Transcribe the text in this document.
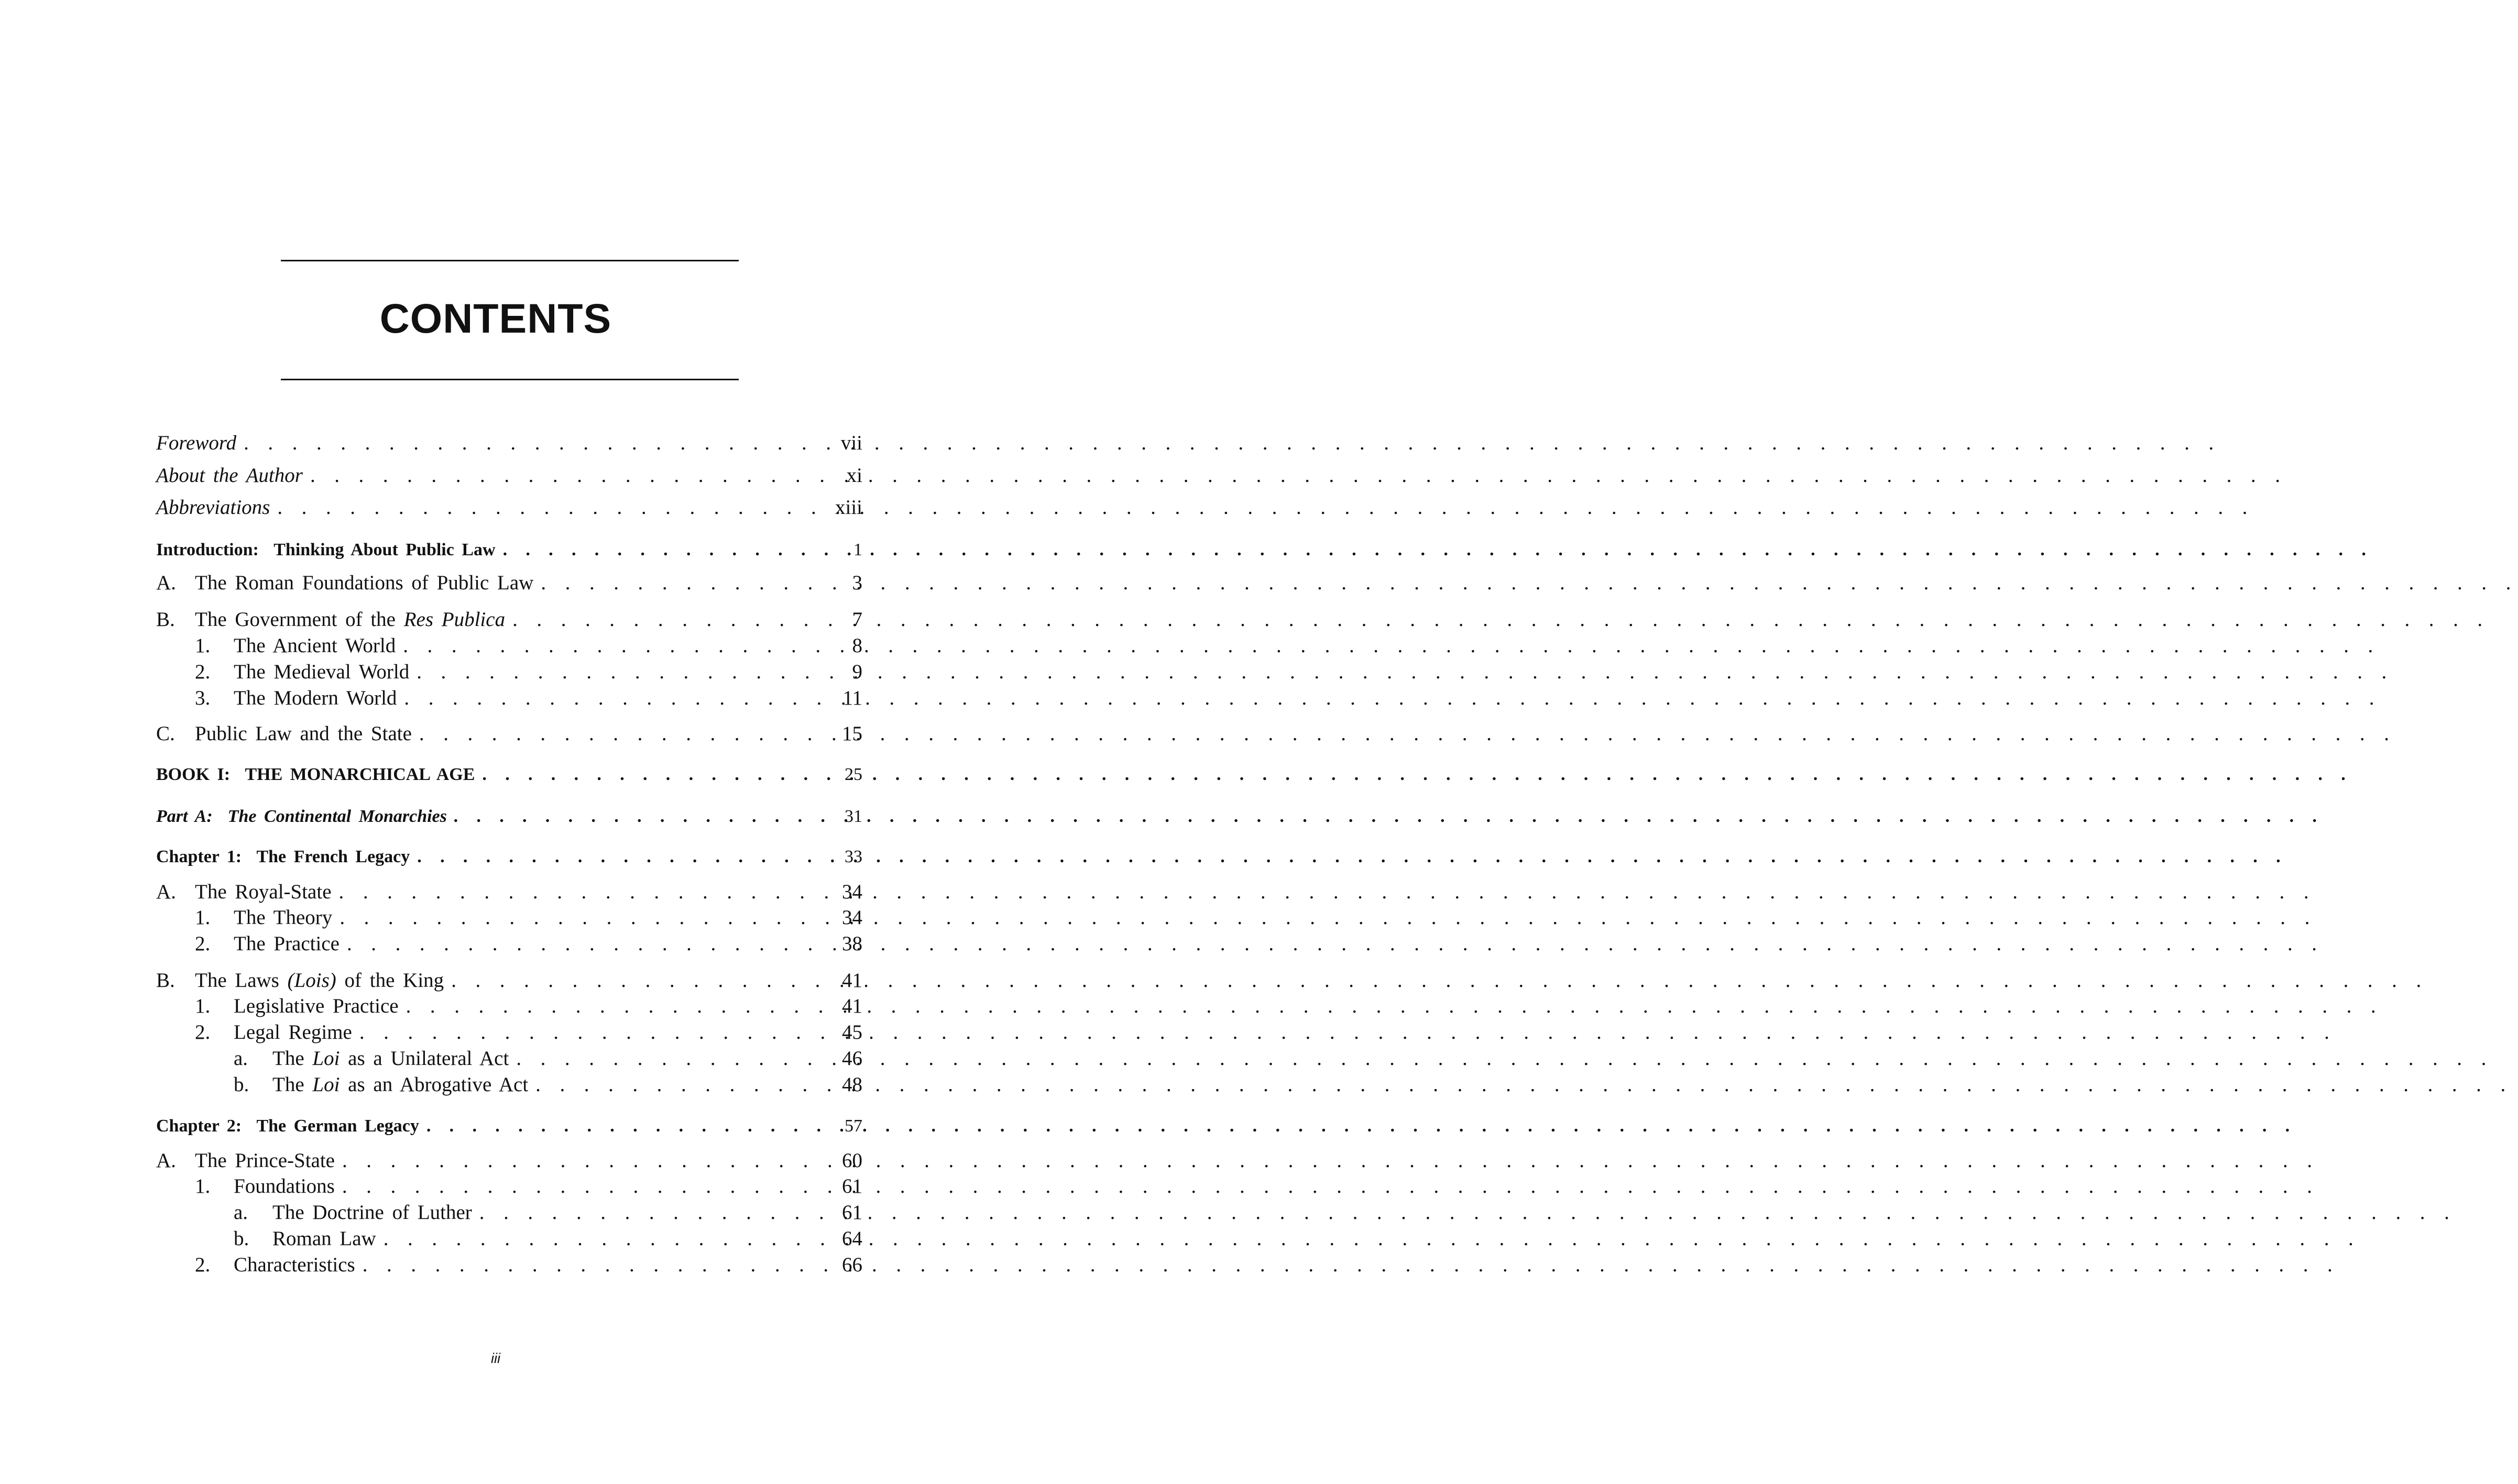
CONTENTS
Foreword . . .	vii
About the Author . . .	xi
Abbreviations . . .	xiii
Introduction:  Thinking About Public Law . . .	1
A. The Roman Foundations of Public Law . . .	3
B. The Government of the Res Publica . . .	7
1.	The Ancient World . . .	8
2.	The Medieval World . . .	9
3.	The Modern World . . .	11
C. Public Law and the State . . .	15
BOOK I:  THE MONARCHICAL AGE . . .	25
Part A:  The Continental Monarchies . . .	31
Chapter 1:  The French Legacy . . .	33
A. The Royal-State . . .	34
1.	The Theory . . .	34
2.	The Practice . . .	38
B. The Laws (Lois) of the King . . .	41
1.	Legislative Practice . . .	41
2.	Legal Regime . . .	45
a.	The Loi as a Unilateral Act . . .	46
b.	The Loi as an Abrogative Act . . .	48
Chapter 2:  The German Legacy . . .	57
A. The Prince-State . . .	60
1.	Foundations . . .	61
a.	The Doctrine of Luther . . .	61
b.	Roman Law . . .	64
2.	Characteristics . . .	66
iii
